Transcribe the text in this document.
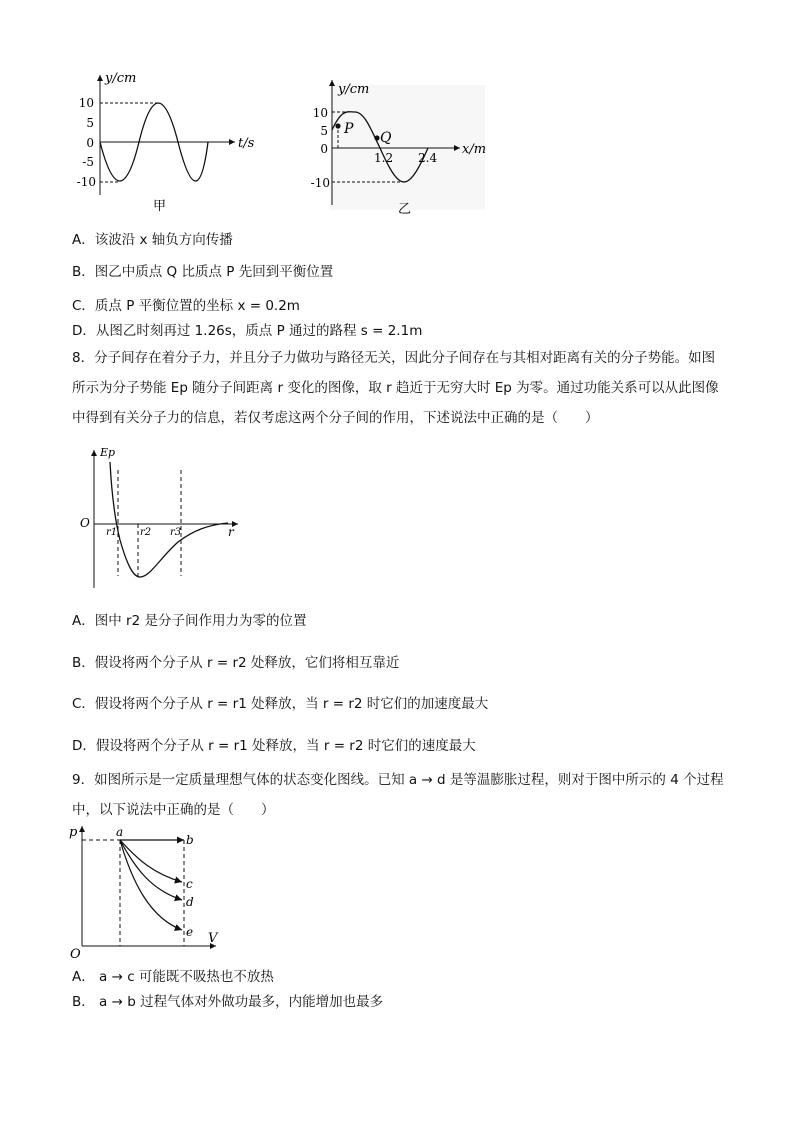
y/cm
t/s
10
5
0
-5
-10
甲
P
Q
y/cm
x/m
10
5
0
-10
1.2 2.4
乙
A．该波沿 x 轴负方向传播
B．图乙中质点 Q 比质点 P 先回到平衡位置
C．质点 P 平衡位置的坐标 x = 0.2m
D．从图乙时刻再过 1.26s，质点 P 通过的路程 s = 2.1m
8．分子间存在着分子力，并且分子力做功与路径无关，因此分子间存在与其相对距离有关的分子势能。如图所示为分子势能 Ep 随分子间距离 r 变化的图像，取 r 趋近于无穷大时 Ep 为零。通过功能关系可以从此图像中得到有关分子力的信息，若仅考虑这两个分子间的作用，下述说法中正确的是（　　）
Ep
O
r
r1 r2 r3
A．图中 r2 是分子间作用力为零的位置
B．假设将两个分子从 r = r2 处释放，它们将相互靠近
C．假设将两个分子从 r = r1 处释放，当 r = r2 时它们的加速度最大
D．假设将两个分子从 r = r1 处释放，当 r = r2 时它们的速度最大
9．如图所示是一定质量理想气体的状态变化图线。已知 a → d 是等温膨胀过程，则对于图中所示的 4 个过程中，以下说法中正确的是（　　）
p
V
O
a
b
c
d
e
A． a → c 可能既不吸热也不放热
B． a → b 过程气体对外做功最多，内能增加也最多
